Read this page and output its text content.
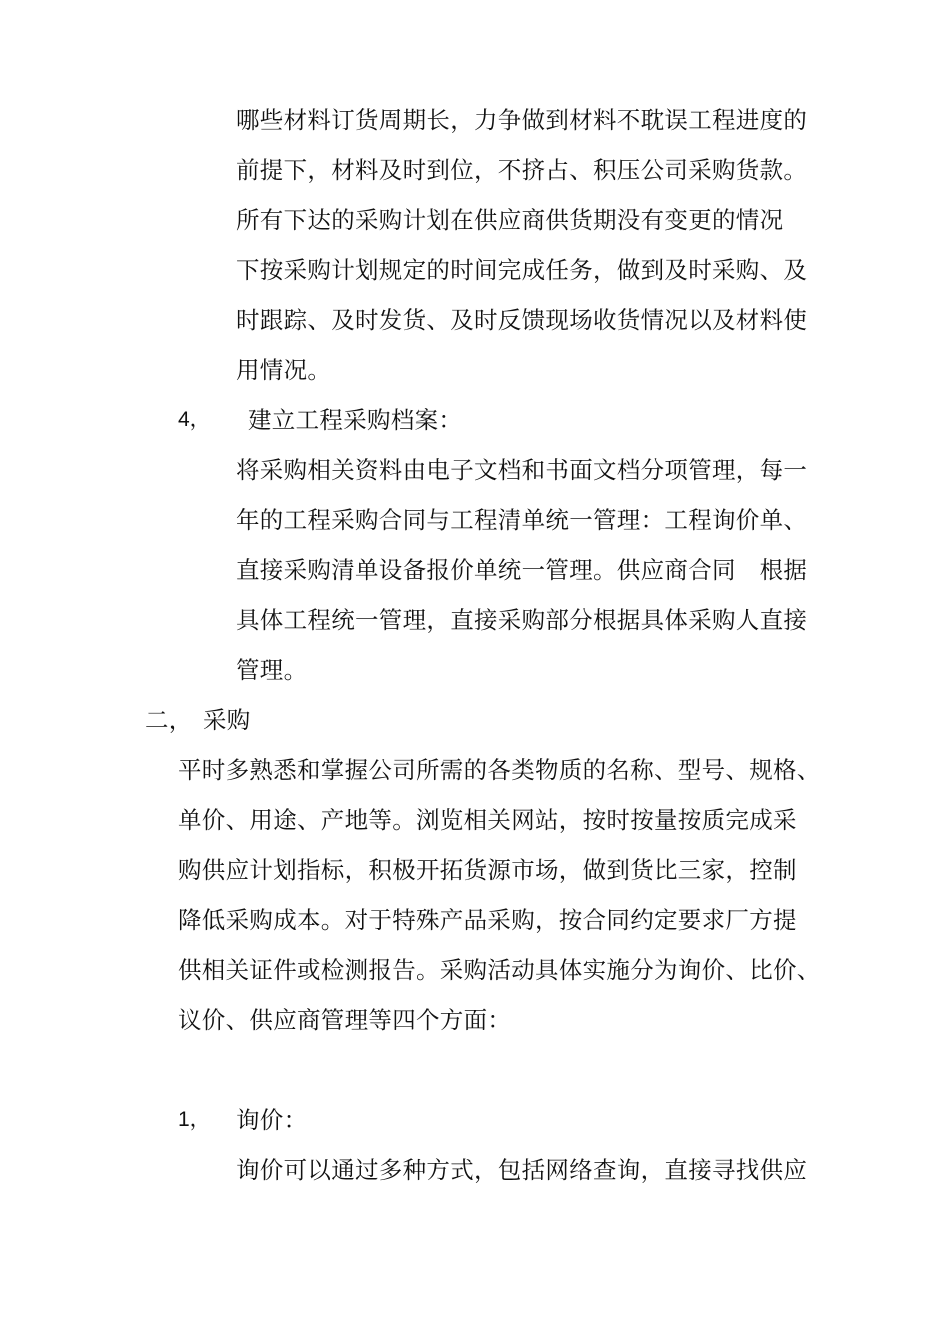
哪些材料订货周期长，力争做到材料不耽误工程进度的
前提下，材料及时到位，不挤占、积压公司采购货款。
所有下达的采购计划在供应商供货期没有变更的情况
下按采购计划规定的时间完成任务，做到及时采购、及
时跟踪、及时发货、及时反馈现场收货情况以及材料使
用情况。
4， 建立工程采购档案：
将采购相关资料由电子文档和书面文档分项管理，每一
年的工程采购合同与工程清单统一管理：工程询价单、
直接采购清单设备报价单统一管理。供应商合同　根据
具体工程统一管理，直接采购部分根据具体采购人直接
管理。
二， 采购
平时多熟悉和掌握公司所需的各类物质的名称、型号、规格、
单价、用途、产地等。浏览相关网站，按时按量按质完成采
购供应计划指标，积极开拓货源市场，做到货比三家，控制
降低采购成本。对于特殊产品采购，按合同约定要求厂方提
供相关证件或检测报告。采购活动具体实施分为询价、比价、
议价、供应商管理等四个方面：
1， 询价：
询价可以通过多种方式，包括网络查询，直接寻找供应
